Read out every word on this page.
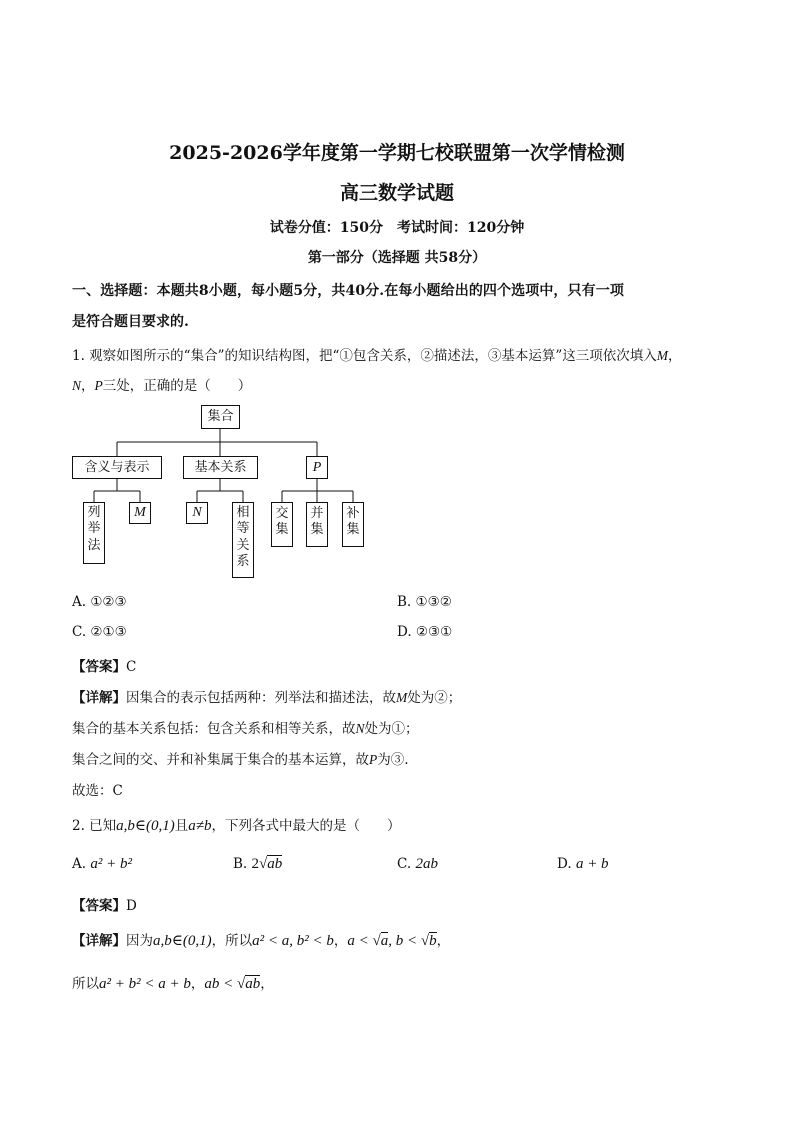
2025-2026学年度第一学期七校联盟第一次学情检测
高三数学试题
试卷分值：150分　考试时间：120分钟
第一部分（选择题 共58分）
一、选择题：本题共8小题，每小题5分，共40分.在每小题给出的四个选项中，只有一项
是符合题目要求的.
1. 观察如图所示的“集合”的知识结构图，把“①包含关系，②描述法，③基本运算”这三项依次填入M，
N，P三处，正确的是（　　）
集合
含义与表示	基本关系	P
列
举
法
M	N	相
等
关
系
交
集
并
集
补
集
A. ①②③	B. ①③②
C. ②①③	D. ②③①
【答案】C
【详解】因集合的表示包括两种：列举法和描述法，故M处为②；
集合的基本关系包括：包含关系和相等关系，故N处为①；
集合之间的交、并和补集属于集合的基本运算，故P为③.
故选：C
2. 已知a,b∈(0,1)且a≠b，下列各式中最大的是（　　）
A. a² + b²	B. 2√ab	C. 2ab	D. a + b
【答案】D
【详解】因为a,b∈(0,1)，所以a² < a, b² < b，a < √a, b < √b，
所以a² + b² < a + b，ab < √ab，
